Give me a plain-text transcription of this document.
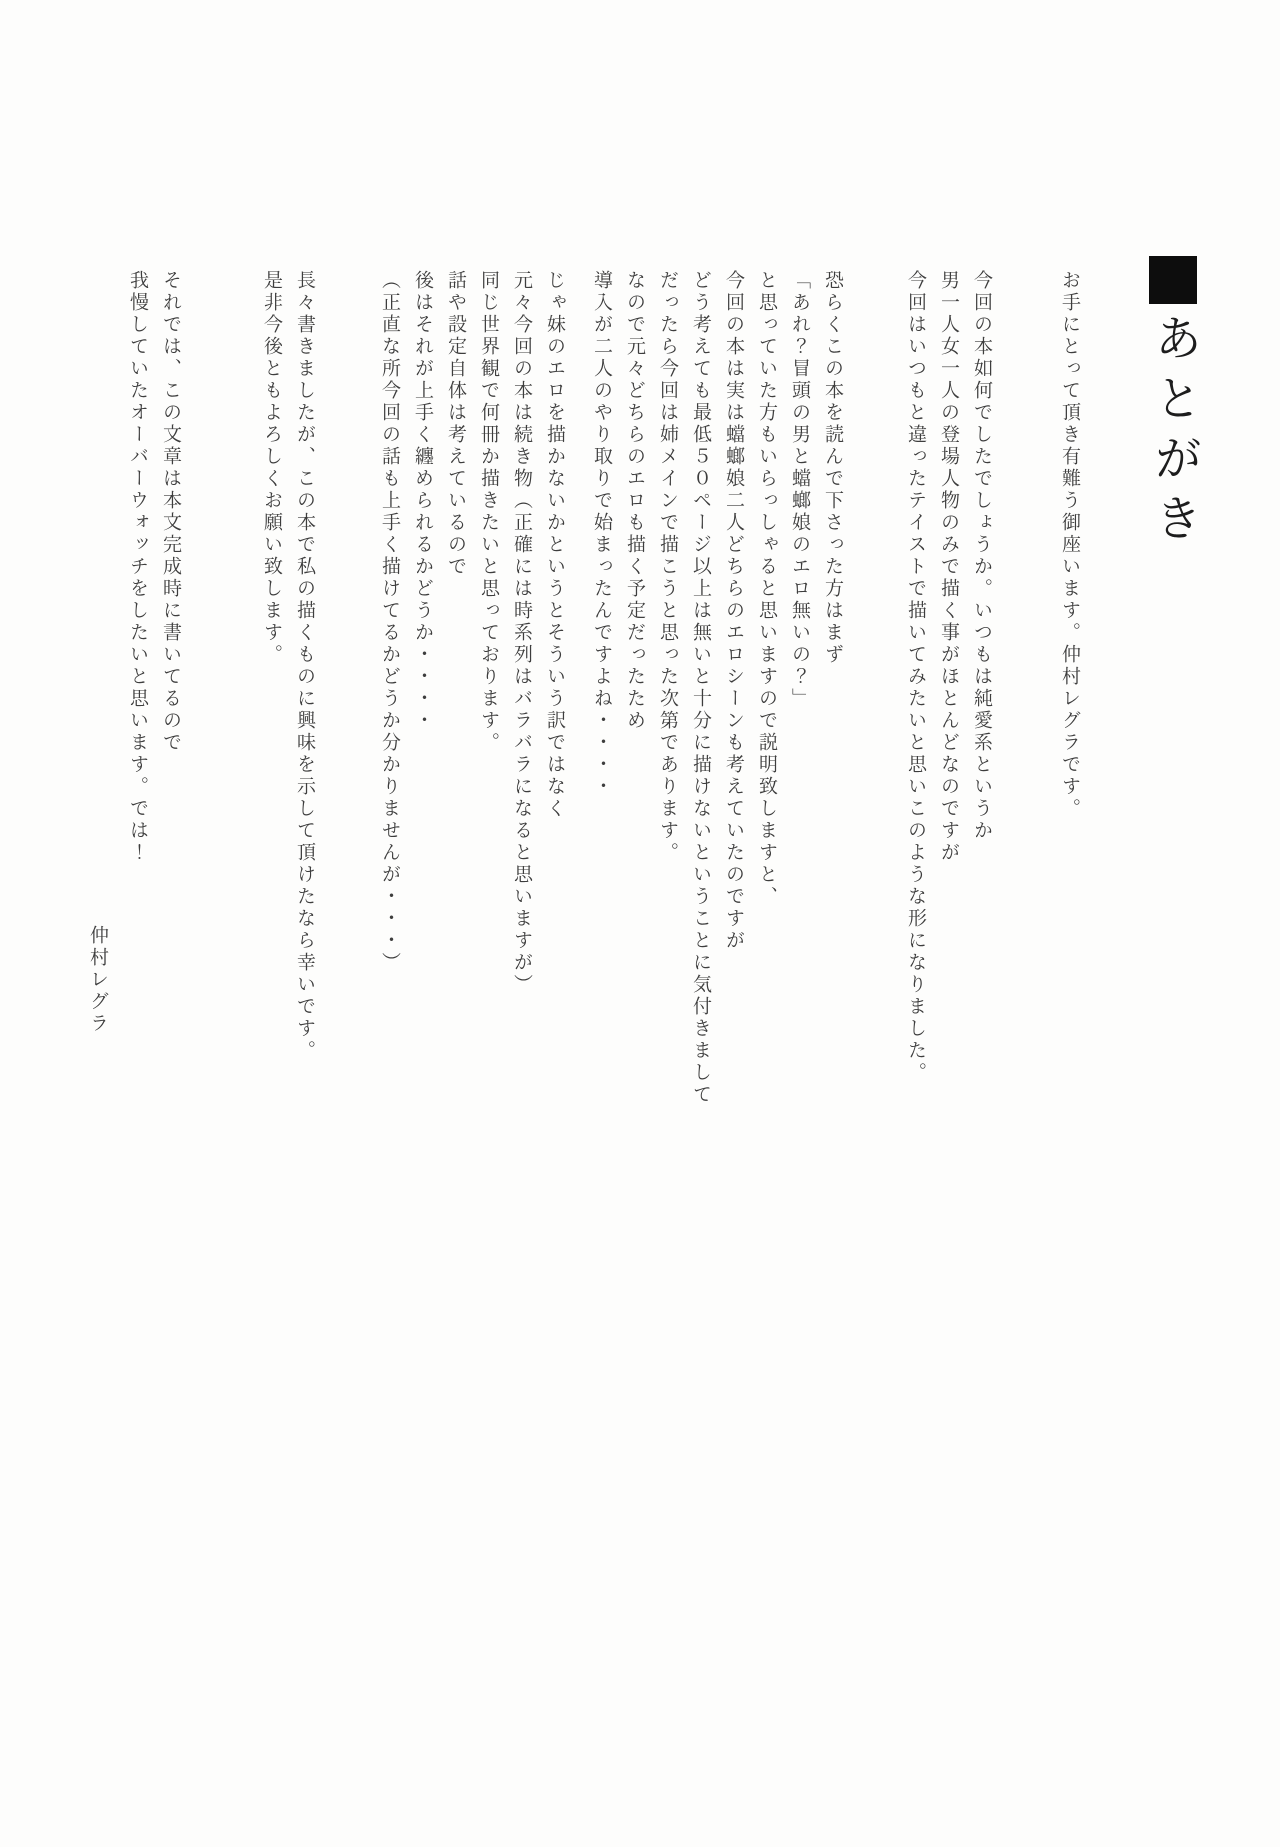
あとがき

お手にとって頂き有難う御座います。仲村レグラです。

今回の本如何でしたでしょうか。いつもは純愛系というか

男一人女一人の登場人物のみで描く事がほとんどなのですが

今回はいつもと違ったテイストで描いてみたいと思いこのような形になりました。

恐らくこの本を読んで下さった方はまず

「あれ？冒頭の男と蟷螂娘のエロ無いの？」

と思っていた方もいらっしゃると思いますので説明致しますと、

今回の本は実は蟷螂娘二人どちらのエロシーンも考えていたのですが

どう考えても最低５０ページ以上は無いと十分に描けないということに気付きまして

だったら今回は姉メインで描こうと思った次第であります。

なので元々どちらのエロも描く予定だったため

導入が二人のやり取りで始まったんですよね・・・・

じゃ妹のエロを描かないかというとそういう訳ではなく

元々今回の本は続き物（正確には時系列はバラバラになると思いますが）

同じ世界観で何冊か描きたいと思っております。

話や設定自体は考えているので

後はそれが上手く纏められるかどうか・・・・

（正直な所今回の話も上手く描けてるかどうか分かりませんが・・・）

長々書きましたが、この本で私の描くものに興味を示して頂けたなら幸いです。

是非今後ともよろしくお願い致します。

それでは、この文章は本文完成時に書いてるので

我慢していたオーバーウォッチをしたいと思います。では！

仲村レグラ
